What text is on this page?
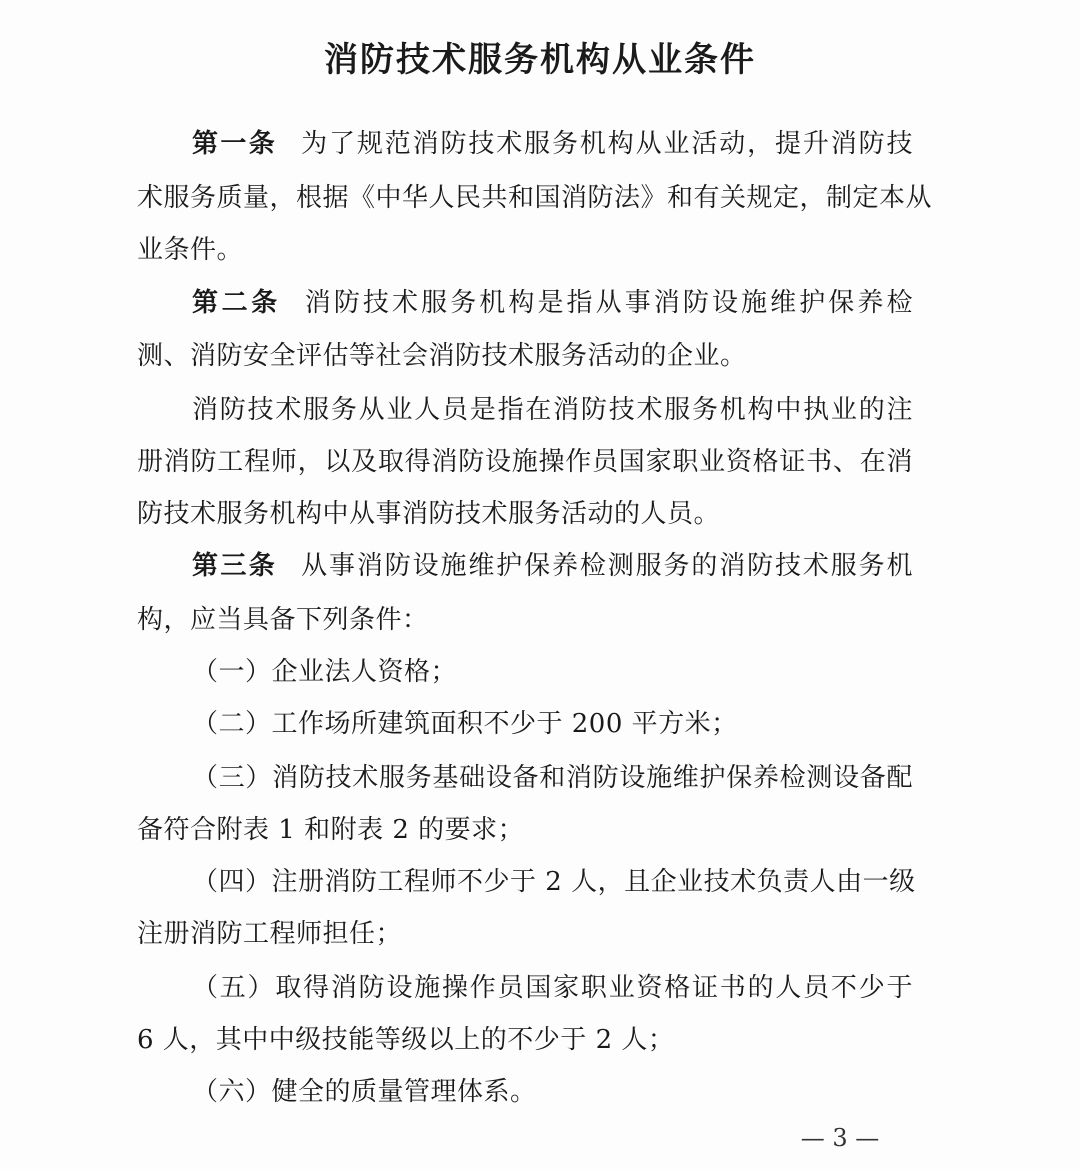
消防技术服务机构从业条件
第一条 为了规范消防技术服务机构从业活动，提升消防技
术服务质量，根据《中华人民共和国消防法》和有关规定，制定本从
业条件。
第二条 消防技术服务机构是指从事消防设施维护保养检
测、消防安全评估等社会消防技术服务活动的企业。
消防技术服务从业人员是指在消防技术服务机构中执业的注
册消防工程师，以及取得消防设施操作员国家职业资格证书、在消
防技术服务机构中从事消防技术服务活动的人员。
第三条 从事消防设施维护保养检测服务的消防技术服务机
构，应当具备下列条件：
（一）企业法人资格；
（二）工作场所建筑面积不少于 200 平方米；
（三）消防技术服务基础设备和消防设施维护保养检测设备配
备符合附表 1 和附表 2 的要求；
（四）注册消防工程师不少于 2 人，且企业技术负责人由一级
注册消防工程师担任；
（五）取得消防设施操作员国家职业资格证书的人员不少于
6 人，其中中级技能等级以上的不少于 2 人；
（六）健全的质量管理体系。
— 3 —
